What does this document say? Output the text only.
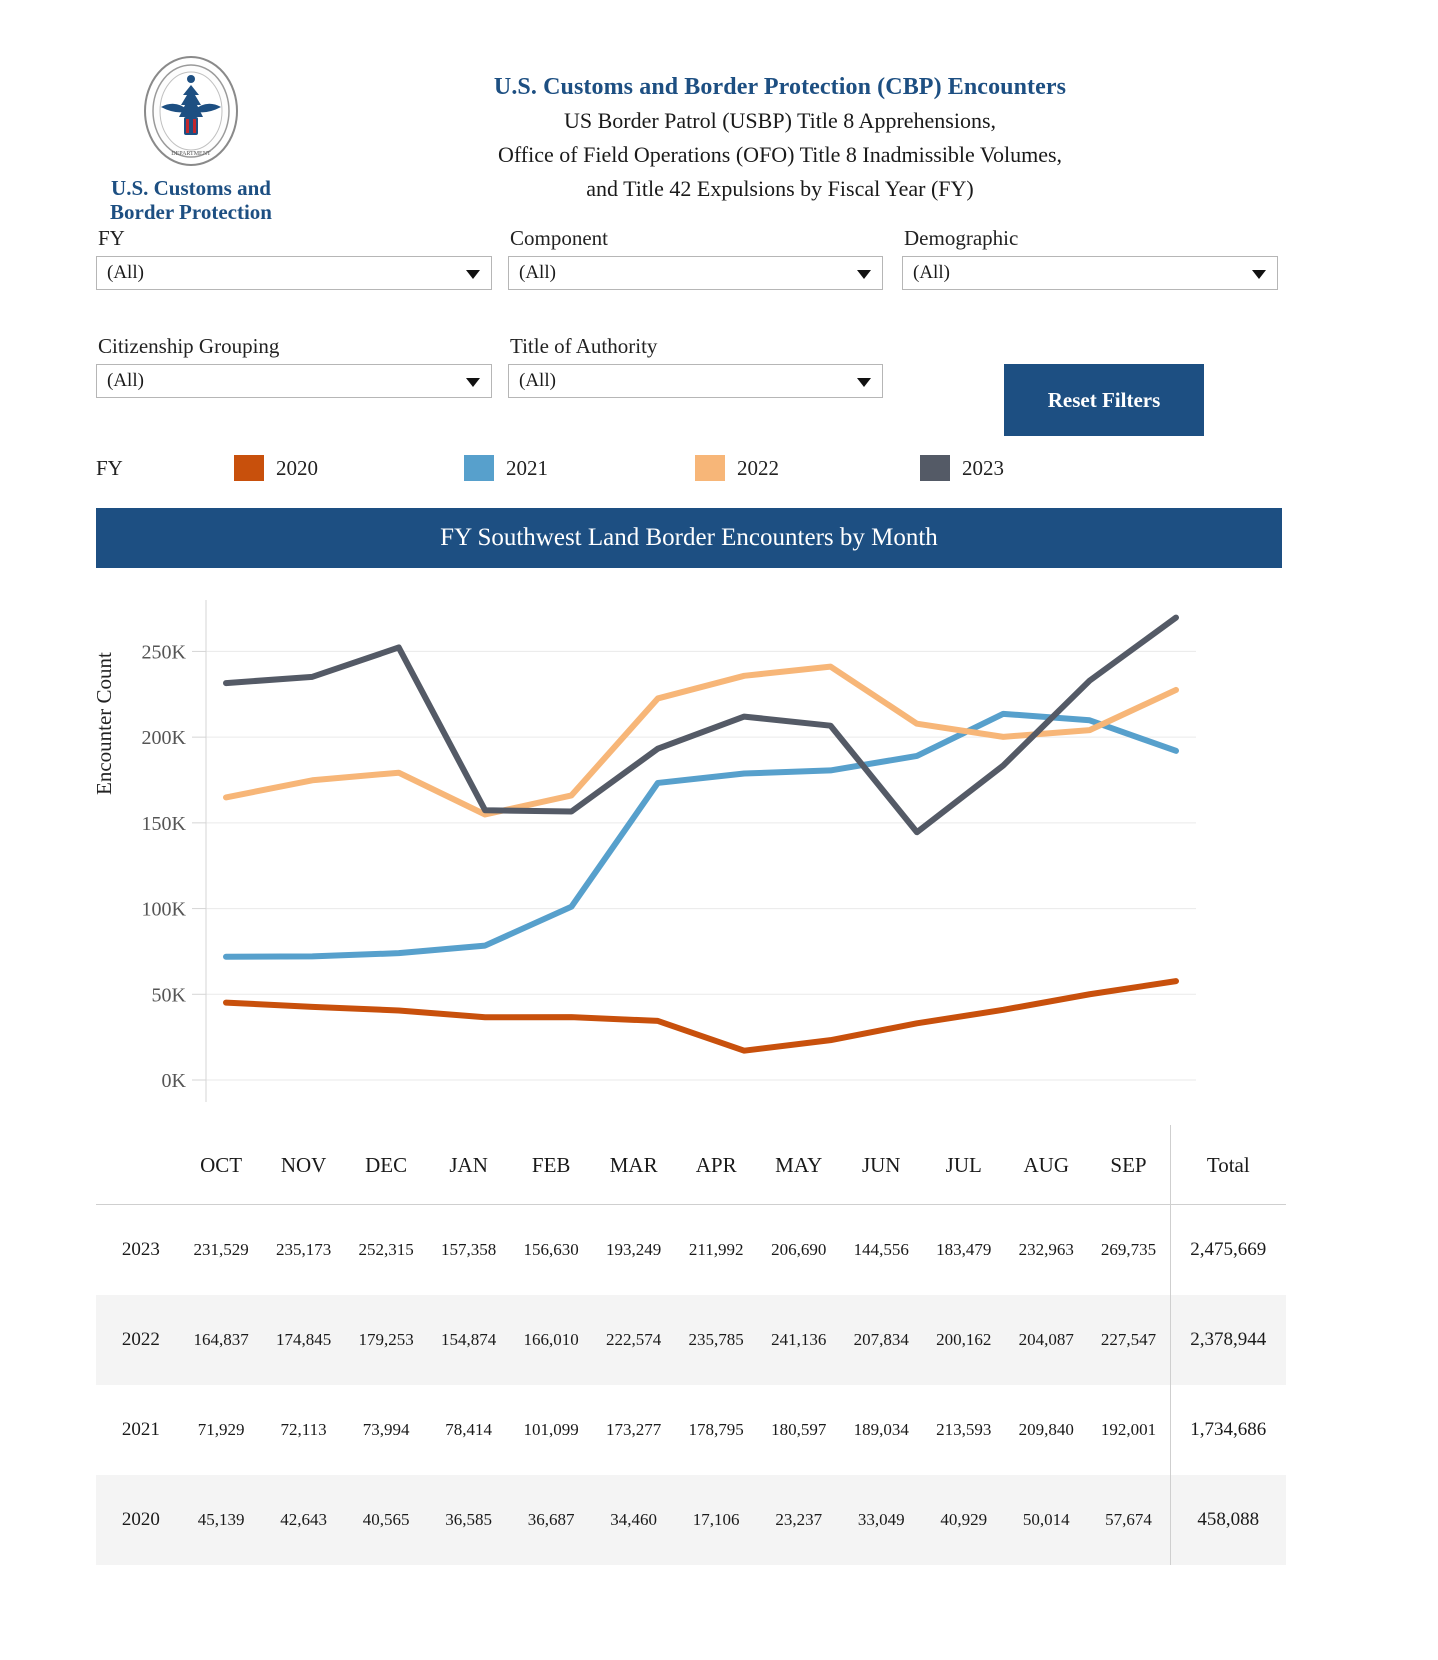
DEPARTMENT
U.S. Customs and
Border Protection
U.S. Customs and Border Protection (CBP) Encounters
US Border Patrol (USBP) Title 8 Apprehensions,
Office of Field Operations (OFO) Title 8 Inadmissible Volumes,
and Title 42 Expulsions by Fiscal Year (FY)
FY
(All)
Component
(All)
Demographic
(All)
Citizenship Grouping
(All)
Title of Authority
(All)
Reset Filters
FY	2020	2021	2022	2023
FY Southwest Land Border Encounters by Month
Encounter Count
0K
50K
100K
150K
200K
250K
	OCT	NOV	DEC	JAN	FEB	MAR	APR	MAY	JUN	JUL	AUG	SEP	Total
2023	231,529	235,173	252,315	157,358	156,630	193,249	211,992	206,690	144,556	183,479	232,963	269,735	2,475,669
2022	164,837	174,845	179,253	154,874	166,010	222,574	235,785	241,136	207,834	200,162	204,087	227,547	2,378,944
2021	71,929	72,113	73,994	78,414	101,099	173,277	178,795	180,597	189,034	213,593	209,840	192,001	1,734,686
2020	45,139	42,643	40,565	36,585	36,687	34,460	17,106	23,237	33,049	40,929	50,014	57,674	458,088
